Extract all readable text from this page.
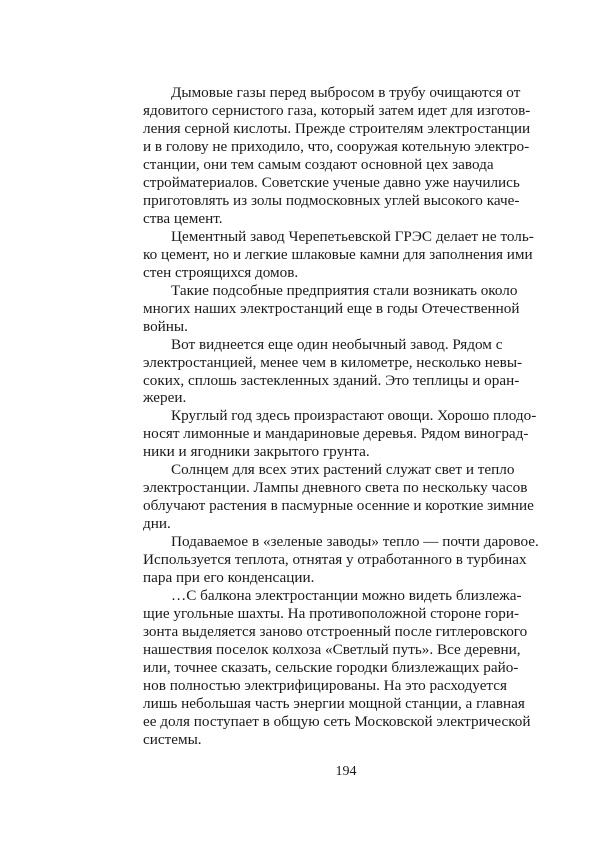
Дымовые газы перед выбросом в трубу очищаются от
ядовитого сернистого газа, который затем идет для изготов-
ления серной кислоты. Прежде строителям электростанции
и в голову не приходило, что, сооружая котельную электро-
станции, они тем самым создают основной цех завода
стройматериалов. Советские ученые давно уже научились
приготовлять из золы подмосковных углей высокого каче-
ства цемент.
Цементный завод Черепетьевской ГРЭС делает не толь-
ко цемент, но и легкие шлаковые камни для заполнения ими
стен строящихся домов.
Такие подсобные предприятия стали возникать около
многих наших электростанций еще в годы Отечественной
войны.
Вот виднеется еще один необычный завод. Рядом с
электростанцией, менее чем в километре, несколько невы-
соких, сплошь застекленных зданий. Это теплицы и оран-
жереи.
Круглый год здесь произрастают овощи. Хорошо плодо-
носят лимонные и мандариновые деревья. Рядом виноград-
ники и ягодники закрытого грунта.
Солнцем для всех этих растений служат свет и тепло
электростанции. Лампы дневного света по нескольку часов
облучают растения в пасмурные осенние и короткие зимние
дни.
Подаваемое в «зеленые заводы» тепло — почти даровое.
Используется теплота, отнятая у отработанного в турбинах
пара при его конденсации.
…С балкона электростанции можно видеть близлежа-
щие угольные шахты. На противоположной стороне гори-
зонта выделяется заново отстроенный после гитлеровского
нашествия поселок колхоза «Светлый путь». Все деревни,
или, точнее сказать, сельские городки близлежащих райо-
нов полностью электрифицированы. На это расходуется
лишь небольшая часть энергии мощной станции, а главная
ее доля поступает в общую сеть Московской электрической
системы.
194
